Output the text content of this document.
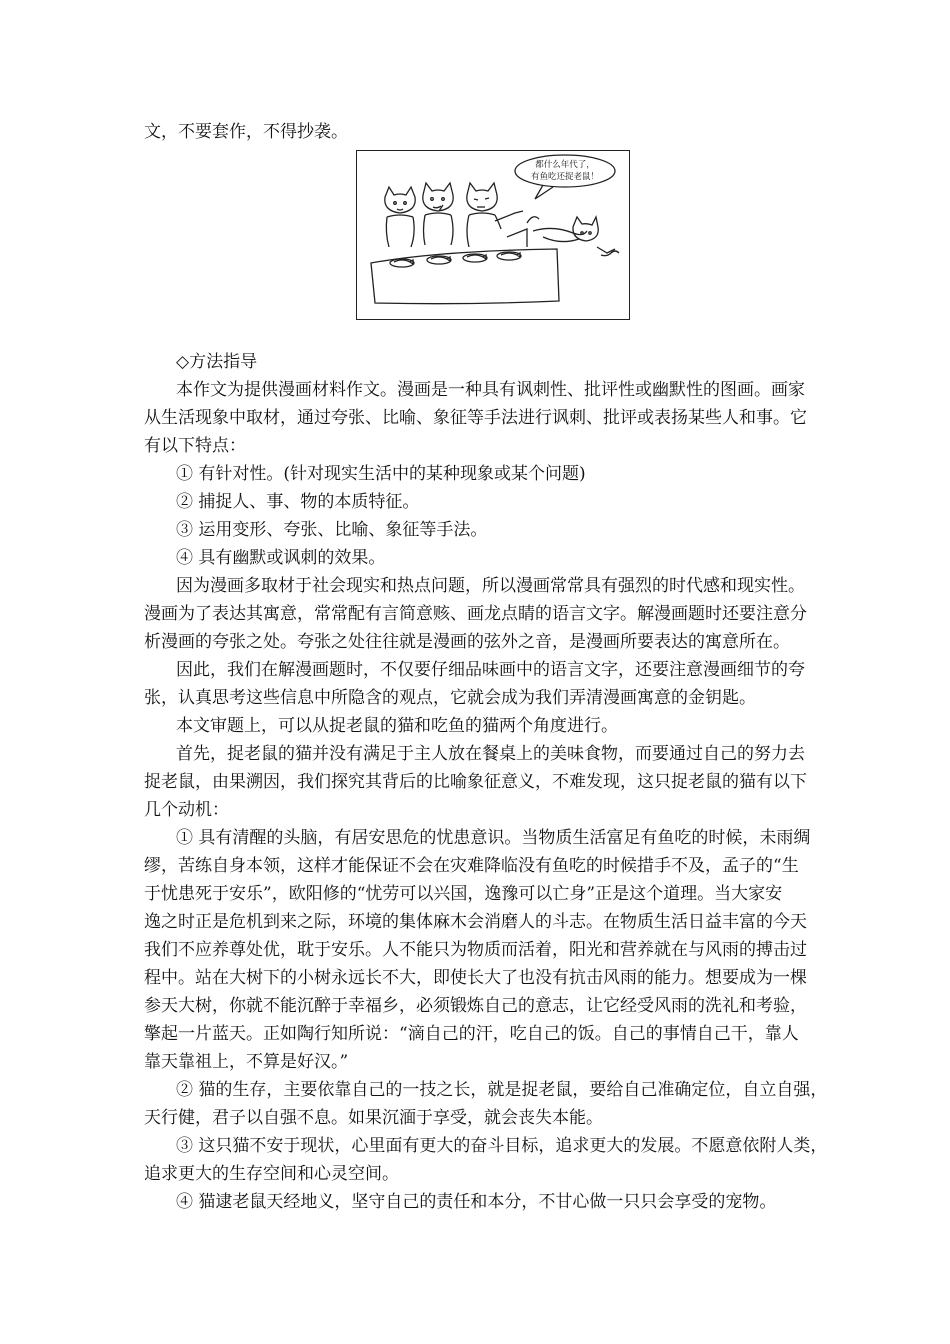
文，不要套作，不得抄袭。
都什么年代了，
有鱼吃还捉老鼠！
◇方法指导
本作文为提供漫画材料作文。漫画是一种具有讽刺性、批评性或幽默性的图画。画家
从生活现象中取材，通过夸张、比喻、象征等手法进行讽刺、批评或表扬某些人和事。它
有以下特点：
① 有针对性。(针对现实生活中的某种现象或某个问题)
② 捕捉人、事、物的本质特征。
③ 运用变形、夸张、比喻、象征等手法。
④ 具有幽默或讽刺的效果。
因为漫画多取材于社会现实和热点问题，所以漫画常常具有强烈的时代感和现实性。
漫画为了表达其寓意，常常配有言简意赅、画龙点睛的语言文字。解漫画题时还要注意分
析漫画的夸张之处。夸张之处往往就是漫画的弦外之音，是漫画所要表达的寓意所在。
因此，我们在解漫画题时，不仅要仔细品味画中的语言文字，还要注意漫画细节的夸
张，认真思考这些信息中所隐含的观点，它就会成为我们弄清漫画寓意的金钥匙。
本文审题上，可以从捉老鼠的猫和吃鱼的猫两个角度进行。
首先，捉老鼠的猫并没有满足于主人放在餐桌上的美味食物，而要通过自己的努力去
捉老鼠，由果溯因，我们探究其背后的比喻象征意义，不难发现，这只捉老鼠的猫有以下
几个动机：
① 具有清醒的头脑，有居安思危的忧患意识。当物质生活富足有鱼吃的时候，未雨绸
缪，苦练自身本领，这样才能保证不会在灾难降临没有鱼吃的时候措手不及，孟子的“生
于忧患死于安乐”，欧阳修的“忧劳可以兴国，逸豫可以亡身”正是这个道理。当大家安
逸之时正是危机到来之际，环境的集体麻木会消磨人的斗志。在物质生活日益丰富的今天
我们不应养尊处优，耽于安乐。人不能只为物质而活着，阳光和营养就在与风雨的搏击过
程中。站在大树下的小树永远长不大，即使长大了也没有抗击风雨的能力。想要成为一棵
参天大树，你就不能沉醉于幸福乡，必须锻炼自己的意志，让它经受风雨的洗礼和考验，
擎起一片蓝天。正如陶行知所说：“滴自己的汗，吃自己的饭。自己的事情自己干，靠人
靠天靠祖上，不算是好汉。”
② 猫的生存，主要依靠自己的一技之长，就是捉老鼠，要给自己准确定位，自立自强，
天行健，君子以自强不息。如果沉湎于享受，就会丧失本能。
③ 这只猫不安于现状，心里面有更大的奋斗目标，追求更大的发展。不愿意依附人类，
追求更大的生存空间和心灵空间。
④ 猫逮老鼠天经地义，坚守自己的责任和本分，不甘心做一只只会享受的宠物。
